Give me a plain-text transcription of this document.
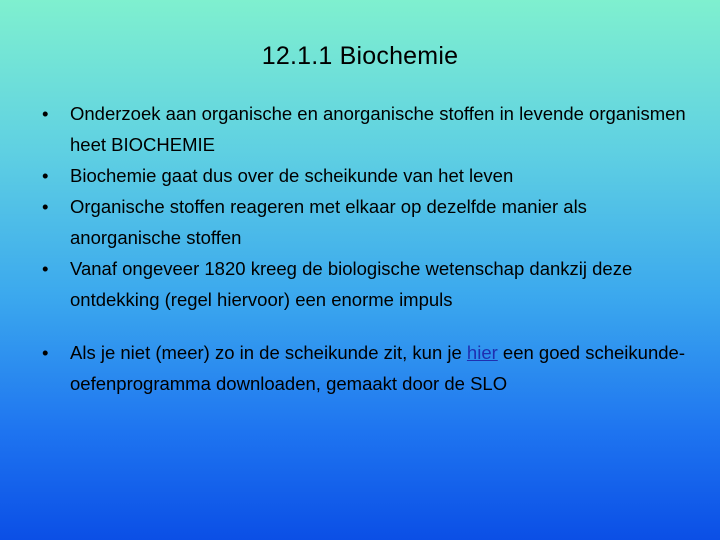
12.1.1 Biochemie
• Onderzoek aan organische en anorganische stoffen in levende organismen heet BIOCHEMIE
• Biochemie gaat dus over de scheikunde van het leven
• Organische stoffen reageren met elkaar op dezelfde manier als anorganische stoffen
• Vanaf ongeveer 1820 kreeg de biologische wetenschap dankzij deze ontdekking (regel hiervoor) een enorme impuls
• Als je niet (meer) zo in de scheikunde zit, kun je hier een goed scheikunde-oefenprogramma downloaden, gemaakt door de SLO
